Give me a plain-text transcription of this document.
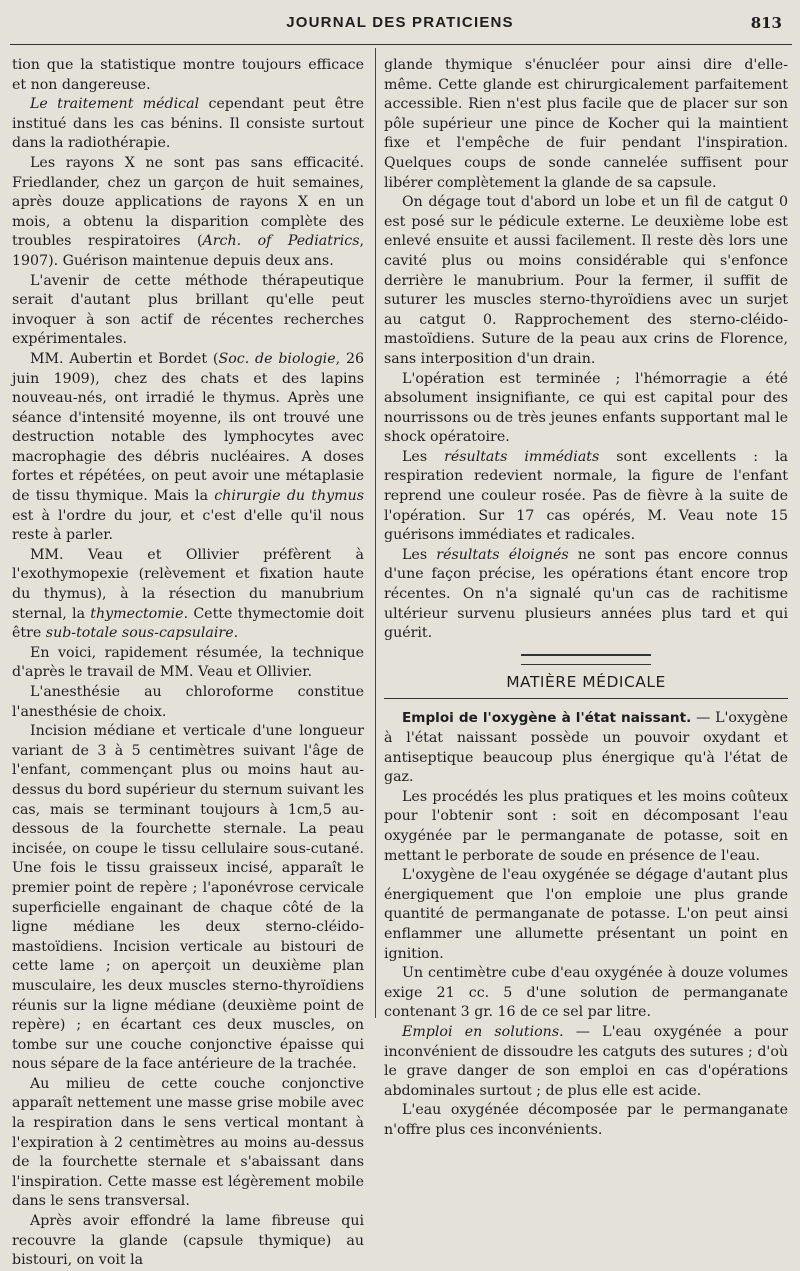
JOURNAL DES PRATICIENS	813

tion que la statistique montre toujours efficace et non dangereuse.

Le traitement médical cependant peut être institué dans les cas bénins. Il consiste surtout dans la radiothérapie.

Les rayons X ne sont pas sans efficacité. Friedlander, chez un garçon de huit semaines, après douze applications de rayons X en un mois, a obtenu la disparition complète des troubles respiratoires (Arch. of Pediatrics, 1907). Guérison maintenue depuis deux ans.

L'avenir de cette méthode thérapeutique serait d'autant plus brillant qu'elle peut invoquer à son actif de récentes recherches expérimentales.

MM. Aubertin et Bordet (Soc. de biologie, 26 juin 1909), chez des chats et des lapins nouveau-nés, ont irradié le thymus. Après une séance d'intensité moyenne, ils ont trouvé une destruction notable des lymphocytes avec macrophagie des débris nucléaires. A doses fortes et répétées, on peut avoir une métaplasie de tissu thymique. Mais la chirurgie du thymus est à l'ordre du jour, et c'est d'elle qu'il nous reste à parler.

MM. Veau et Ollivier préfèrent à l'exothymopexie (relèvement et fixation haute du thymus), à la résection du manubrium sternal, la thymectomie. Cette thymectomie doit être sub-totale sous-capsulaire.

En voici, rapidement résumée, la technique d'après le travail de MM. Veau et Ollivier.

L'anesthésie au chloroforme constitue l'anesthésie de choix.

Incision médiane et verticale d'une longueur variant de 3 à 5 centimètres suivant l'âge de l'enfant, commençant plus ou moins haut au-dessus du bord supérieur du sternum suivant les cas, mais se terminant toujours à 1cm,5 au-dessous de la fourchette sternale. La peau incisée, on coupe le tissu cellulaire sous-cutané. Une fois le tissu graisseux incisé, apparaît le premier point de repère ; l'aponévrose cervicale superficielle engainant de chaque côté de la ligne médiane les deux sterno-cléido-mastoïdiens. Incision verticale au bistouri de cette lame ; on aperçoit un deuxième plan musculaire, les deux muscles sterno-thyroïdiens réunis sur la ligne médiane (deuxième point de repère) ; en écartant ces deux muscles, on tombe sur une couche conjonctive épaisse qui nous sépare de la face antérieure de la trachée.

Au milieu de cette couche conjonctive apparaît nettement une masse grise mobile avec la respiration dans le sens vertical montant à l'expiration à 2 centimètres au moins au-dessus de la fourchette sternale et s'abaissant dans l'inspiration. Cette masse est légèrement mobile dans le sens transversal.

Après avoir effondré la lame fibreuse qui recouvre la glande (capsule thymique) au bistouri, on voit la

glande thymique s'énucléer pour ainsi dire d'elle-même. Cette glande est chirurgicalement parfaitement accessible. Rien n'est plus facile que de placer sur son pôle supérieur une pince de Kocher qui la maintient fixe et l'empêche de fuir pendant l'inspiration. Quelques coups de sonde cannelée suffisent pour libérer complètement la glande de sa capsule.

On dégage tout d'abord un lobe et un fil de catgut 0 est posé sur le pédicule externe. Le deuxième lobe est enlevé ensuite et aussi facilement. Il reste dès lors une cavité plus ou moins considérable qui s'enfonce derrière le manubrium. Pour la fermer, il suffit de suturer les muscles sterno-thyroïdiens avec un surjet au catgut 0. Rapprochement des sterno-cléido-mastoïdiens. Suture de la peau aux crins de Florence, sans interposition d'un drain.

L'opération est terminée ; l'hémorragie a été absolument insignifiante, ce qui est capital pour des nourrissons ou de très jeunes enfants supportant mal le shock opératoire.

Les résultats immédiats sont excellents : la respiration redevient normale, la figure de l'enfant reprend une couleur rosée. Pas de fièvre à la suite de l'opération. Sur 17 cas opérés, M. Veau note 15 guérisons immédiates et radicales.

Les résultats éloignés ne sont pas encore connus d'une façon précise, les opérations étant encore trop récentes. On n'a signalé qu'un cas de rachitisme ultérieur survenu plusieurs années plus tard et qui guérit.

MATIÈRE MÉDICALE

Emploi de l'oxygène à l'état naissant. — L'oxygène à l'état naissant possède un pouvoir oxydant et antiseptique beaucoup plus énergique qu'à l'état de gaz.

Les procédés les plus pratiques et les moins coûteux pour l'obtenir sont : soit en décomposant l'eau oxygénée par le permanganate de potasse, soit en mettant le perborate de soude en présence de l'eau.

L'oxygène de l'eau oxygénée se dégage d'autant plus énergiquement que l'on emploie une plus grande quantité de permanganate de potasse. L'on peut ainsi enflammer une allumette présentant un point en ignition.

Un centimètre cube d'eau oxygénée à douze volumes exige 21 cc. 5 d'une solution de permanganate contenant 3 gr. 16 de ce sel par litre.

Emploi en solutions. — L'eau oxygénée a pour inconvénient de dissoudre les catguts des sutures ; d'où le grave danger de son emploi en cas d'opérations abdominales surtout ; de plus elle est acide.

L'eau oxygénée décomposée par le permanganate n'offre plus ces inconvénients.
